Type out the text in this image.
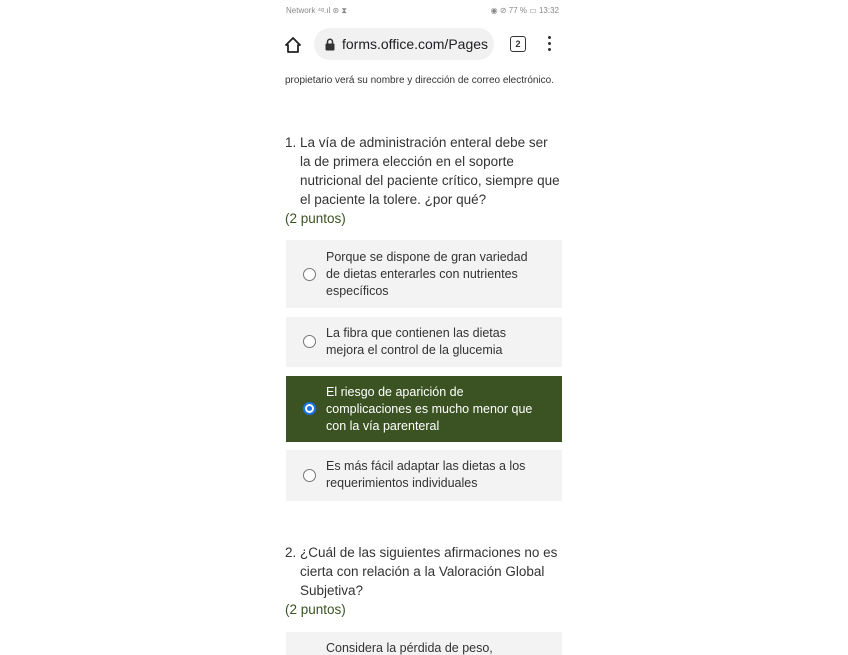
Network ⁴ᵍ.ıl ⊛ ⧗	◉ ⊘ 77 % ▭ 13:32
forms.office.com/Pages	2
propietario verá su nombre y dirección de correo electrónico.
1. La vía de administración enteral debe ser la de primera elección en el soporte nutricional del paciente crítico, siempre que el paciente la tolere. ¿por qué?
(2 puntos)
Porque se dispone de gran variedad de dietas enterarles con nutrientes específicos
La fibra que contienen las dietas mejora el control de la glucemia
El riesgo de aparición de complicaciones es mucho menor que con la vía parenteral
Es más fácil adaptar las dietas a los requerimientos individuales
2. ¿Cuál de las siguientes afirmaciones no es cierta con relación a la Valoración Global Subjetiva?
(2 puntos)
Considera la pérdida de peso,
